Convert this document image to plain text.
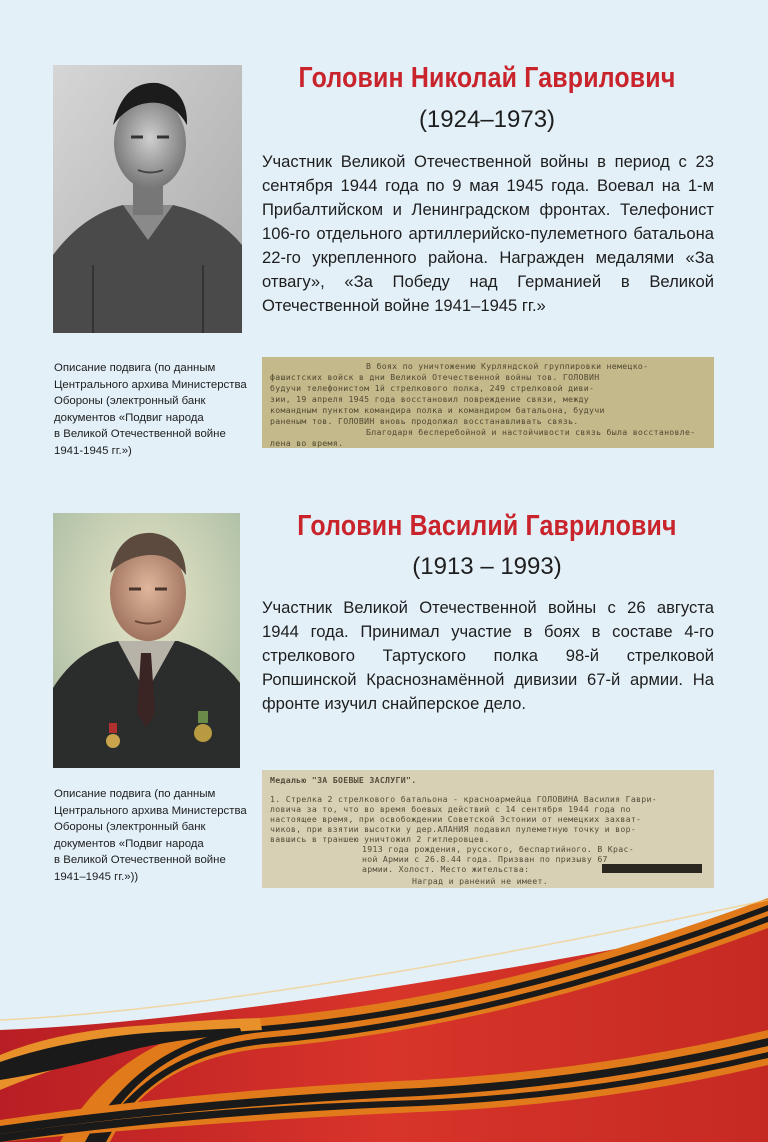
Головин Николай Гаврилович
(1924–1973)
Участник Великой Отечественной войны в период с 23 сентября 1944 года по 9 мая 1945 года. Воевал на 1-м Прибалтийском и Ленинградском фронтах. Телефонист 106-го отдельного артиллерийско-пулеметного батальона 22-го укрепленного района. Награжден медалями «За отвагу», «За Победу над Германией в Великой Отечественной войне 1941–1945 гг.»
Описание подвига (по данным
Центрального архива Министерства
Обороны (электронный банк
документов «Подвиг народа
в Великой Отечественной войне
1941-1945 гг.»)
В боях по уничтожению Курляндской группировки немецко-
фашистских войск в дни Великой Отечественной войны тов. ГОЛОВИН
будучи телефонистом 1й стрелкового полка, 249 стрелковой диви-
зии, 19 апреля 1945 года восстановил повреждение связи, между
командным пунктом командира полка и командиром батальона, будучи
раненым тов. ГОЛОВИН вновь продолжал восстанавливать связь.
Благодаря бесперебойной и настойчивости связь была восстановле-
лена во время.
Головин Василий Гаврилович
(1913 – 1993)
Участник Великой Отечественной войны с 26 августа 1944 года. Принимал участие в боях в составе 4-го стрелкового Тартуского полка 98-й стрелковой Ропшинской Краснознамённой дивизии 67-й армии. На фронте изучил снайперское дело.
Описание подвига (по данным
Центрального архива Министерства
Обороны (электронный банк
документов «Подвиг народа
в Великой Отечественной войне
1941–1945 гг.»))
Медалью "ЗА БОЕВЫЕ ЗАСЛУГИ".
1. Стрелка 2 стрелкового батальона - красноармейца ГОЛОВИНА Василия Гаври-
ловича за то, что во время боевых действий с 14 сентября 1944 года по
настоящее время, при освобождении Советской Эстонии от немецких захват-
чиков, при взятии высотки у дер.АЛАНИЯ подавил пулеметную точку и вор-
вавшись в траншею уничтожил 2 гитлеровцев.
1913 года рождения, русского, беспартийного. В Крас-
ной Армии с 26.8.44 года. Призван по призыву 67
армии. Холост. Место жительства:
Наград и ранений не имеет.
